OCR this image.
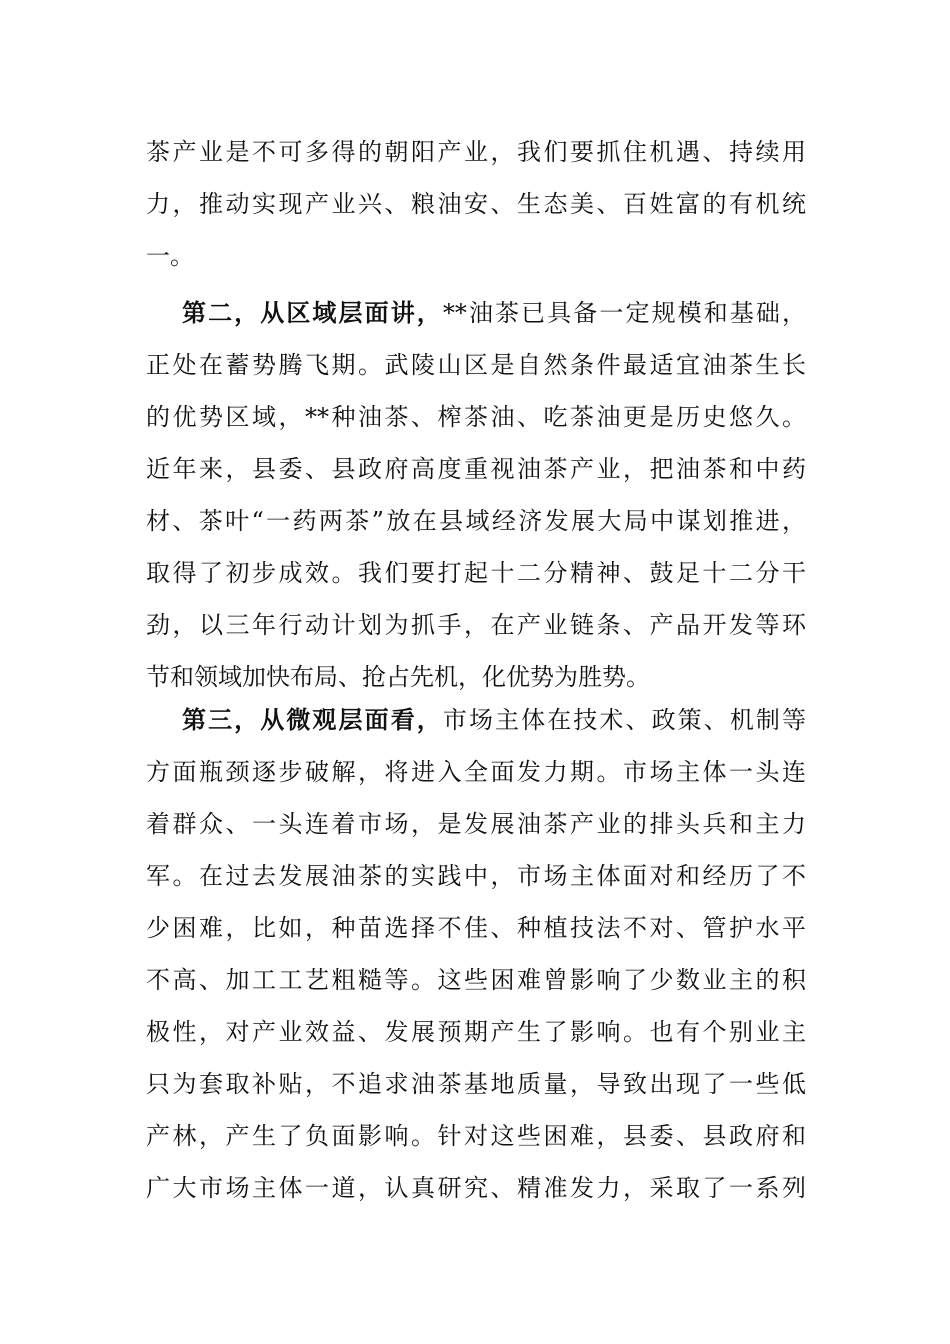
茶产业是不可多得的朝阳产业，我们要抓住机遇、持续用
力，推动实现产业兴、粮油安、生态美、百姓富的有机统
一。
第二，从区域层面讲，**油茶已具备一定规模和基础，
正处在蓄势腾飞期。武陵山区是自然条件最适宜油茶生长
的优势区域，**种油茶、榨茶油、吃茶油更是历史悠久。
近年来，县委、县政府高度重视油茶产业，把油茶和中药
材、茶叶“一药两茶”放在县域经济发展大局中谋划推进，
取得了初步成效。我们要打起十二分精神、鼓足十二分干
劲，以三年行动计划为抓手，在产业链条、产品开发等环
节和领域加快布局、抢占先机，化优势为胜势。
第三，从微观层面看，市场主体在技术、政策、机制等
方面瓶颈逐步破解，将进入全面发力期。市场主体一头连
着群众、一头连着市场，是发展油茶产业的排头兵和主力
军。在过去发展油茶的实践中，市场主体面对和经历了不
少困难，比如，种苗选择不佳、种植技法不对、管护水平
不高、加工工艺粗糙等。这些困难曾影响了少数业主的积
极性，对产业效益、发展预期产生了影响。也有个别业主
只为套取补贴，不追求油茶基地质量，导致出现了一些低
产林，产生了负面影响。针对这些困难，县委、县政府和
广大市场主体一道，认真研究、精准发力，采取了一系列
